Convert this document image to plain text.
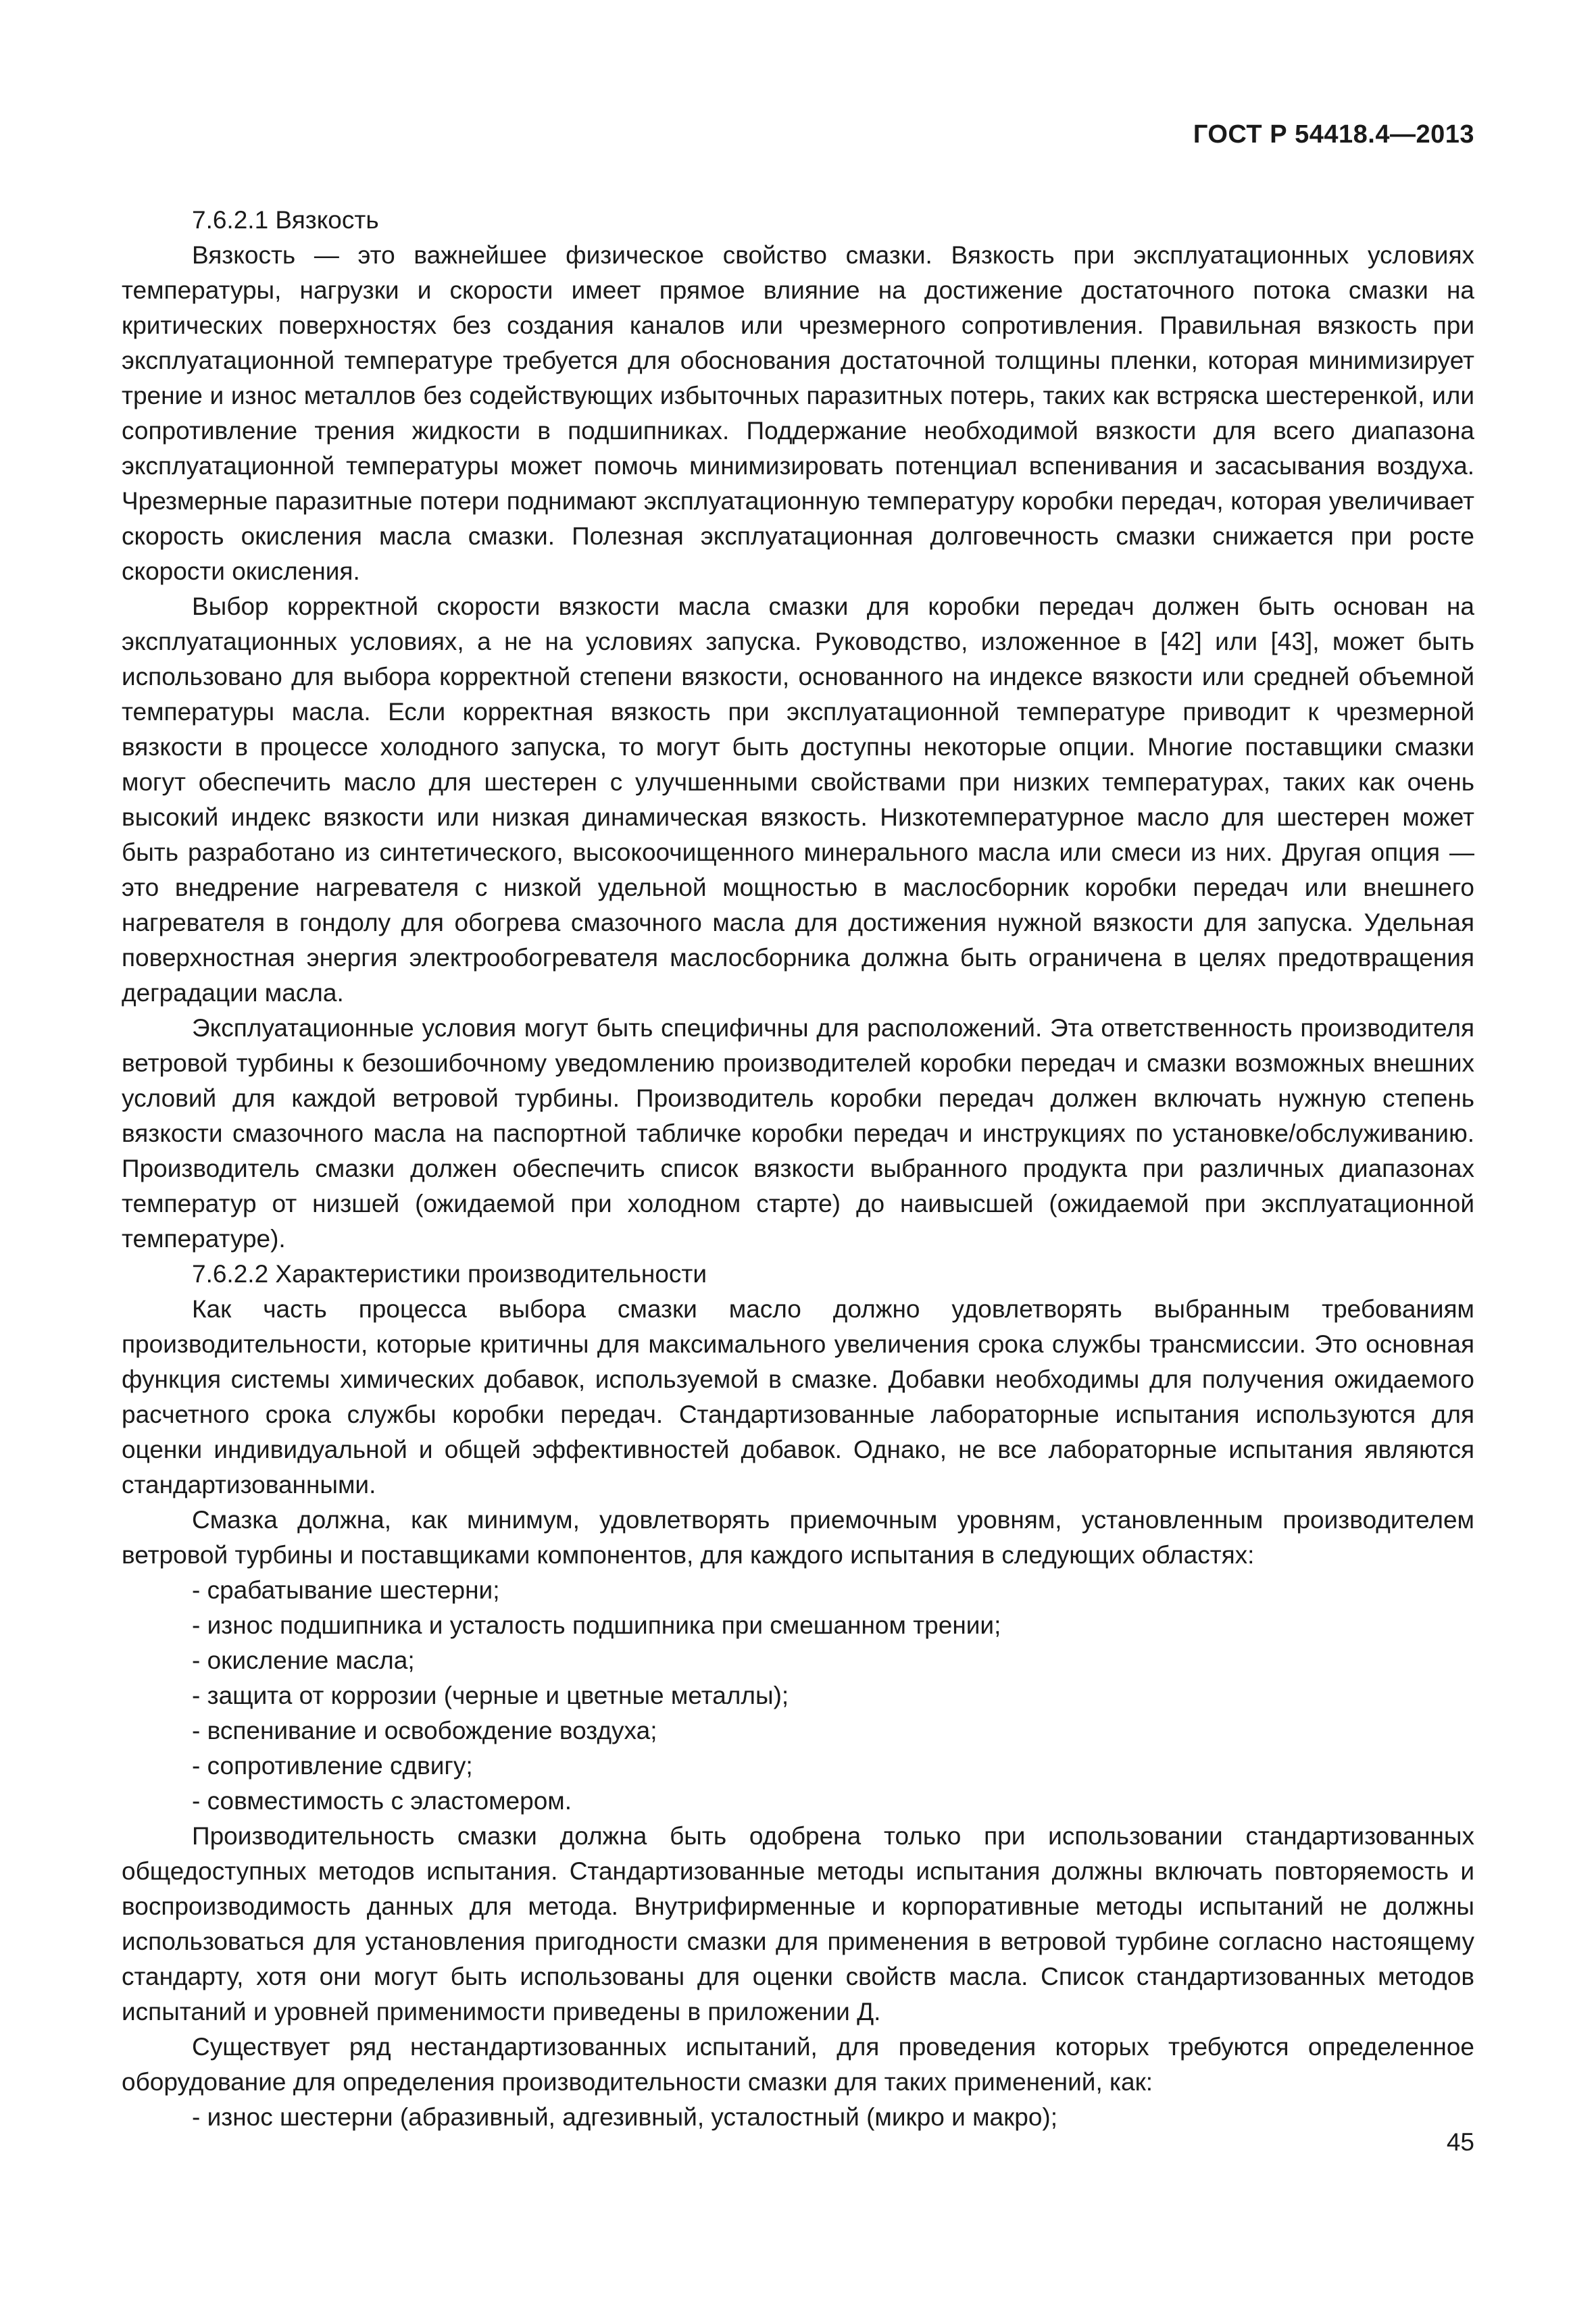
ГОСТ Р 54418.4—2013

7.6.2.1 Вязкость

Вязкость — это важнейшее физическое свойство смазки. Вязкость при эксплуатационных условиях температуры, нагрузки и скорости имеет прямое влияние на достижение достаточного потока смазки на критических поверхностях без создания каналов или чрезмерного сопротивления. Правильная вязкость при эксплуатационной температуре требуется для обоснования достаточной толщины пленки, которая минимизирует трение и износ металлов без содействующих избыточных паразитных потерь, таких как встряска шестеренкой, или сопротивление трения жидкости в подшипниках. Поддержание необходимой вязкости для всего диапазона эксплуатационной температуры может помочь минимизировать потенциал вспенивания и засасывания воздуха. Чрезмерные паразитные потери поднимают эксплуатационную температуру коробки передач, которая увеличивает скорость окисления масла смазки. Полезная эксплуатационная долговечность смазки снижается при росте скорости окисления.

Выбор корректной скорости вязкости масла смазки для коробки передач должен быть основан на эксплуатационных условиях, а не на условиях запуска. Руководство, изложенное в [42] или [43], может быть использовано для выбора корректной степени вязкости, основанного на индексе вязкости или средней объемной температуры масла. Если корректная вязкость при эксплуатационной температуре приводит к чрезмерной вязкости в процессе холодного запуска, то могут быть доступны некоторые опции. Многие поставщики смазки могут обеспечить масло для шестерен с улучшенными свойствами при низких температурах, таких как очень высокий индекс вязкости или низкая динамическая вязкость. Низкотемпературное масло для шестерен может быть разработано из синтетического, высокоочищенного минерального масла или смеси из них. Другая опция — это внедрение нагревателя с низкой удельной мощностью в маслосборник коробки передач или внешнего нагревателя в гондолу для обогрева смазочного масла для достижения нужной вязкости для запуска. Удельная поверхностная энергия электрообогревателя маслосборника должна быть ограничена в целях предотвращения деградации масла.

Эксплуатационные условия могут быть специфичны для расположений. Эта ответственность производителя ветровой турбины к безошибочному уведомлению производителей коробки передач и смазки возможных внешних условий для каждой ветровой турбины. Производитель коробки передач должен включать нужную степень вязкости смазочного масла на паспортной табличке коробки передач и инструкциях по установке/обслуживанию. Производитель смазки должен обеспечить список вязкости выбранного продукта при различных диапазонах температур от низшей (ожидаемой при холодном старте) до наивысшей (ожидаемой при эксплуатационной температуре).

7.6.2.2 Характеристики производительности

Как часть процесса выбора смазки масло должно удовлетворять выбранным требованиям производительности, которые критичны для максимального увеличения срока службы трансмиссии. Это основная функция системы химических добавок, используемой в смазке. Добавки необходимы для получения ожидаемого расчетного срока службы коробки передач. Стандартизованные лабораторные испытания используются для оценки индивидуальной и общей эффективностей добавок. Однако, не все лабораторные испытания являются стандартизованными.

Смазка должна, как минимум, удовлетворять приемочным уровням, установленным производителем ветровой турбины и поставщиками компонентов, для каждого испытания в следующих областях:

- срабатывание шестерни;

- износ подшипника и усталость подшипника при смешанном трении;

- окисление масла;

- защита от коррозии (черные и цветные металлы);

- вспенивание и освобождение воздуха;

- сопротивление сдвигу;

- совместимость с эластомером.

Производительность смазки должна быть одобрена только при использовании стандартизованных общедоступных методов испытания. Стандартизованные методы испытания должны включать повторяемость и воспроизводимость данных для метода. Внутрифирменные и корпоративные методы испытаний не должны использоваться для установления пригодности смазки для применения в ветровой турбине согласно настоящему стандарту, хотя они могут быть использованы для оценки свойств масла. Список стандартизованных методов испытаний и уровней применимости приведены в приложении Д.

Существует ряд нестандартизованных испытаний, для проведения которых требуются определенное оборудование для определения производительности смазки для таких применений, как:

- износ шестерни (абразивный, адгезивный, усталостный (микро и макро);

45
